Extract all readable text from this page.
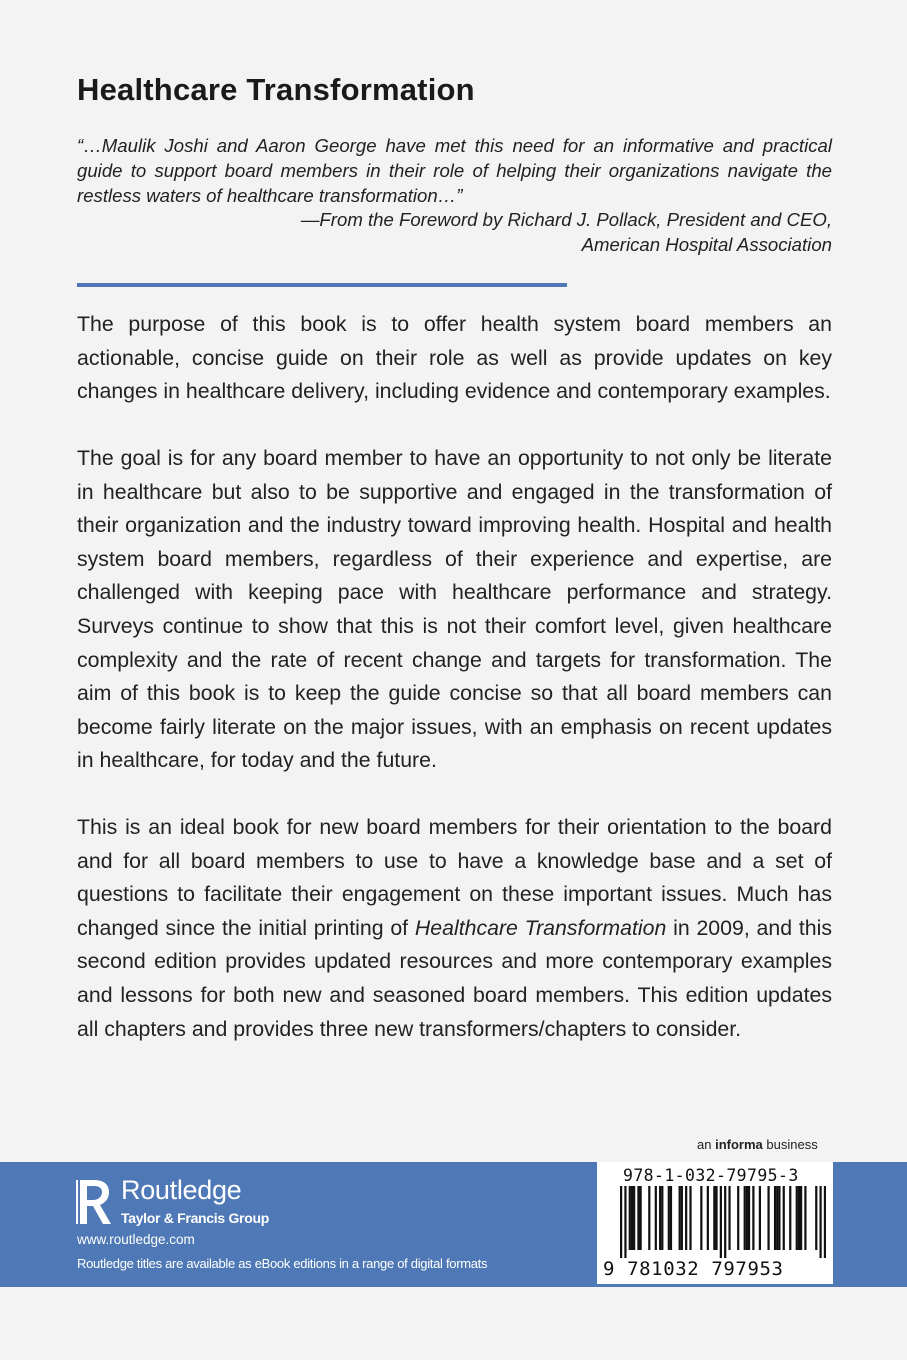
Healthcare Transformation
“…Maulik Joshi and Aaron George have met this need for an informative and practical guide to support board members in their role of helping their organizations navigate the restless waters of healthcare transformation…”
—From the Foreword by Richard J. Pollack, President and CEO,
American Hospital Association

The purpose of this book is to offer health system board members an actionable, concise guide on their role as well as provide updates on key changes in healthcare delivery, including evidence and contemporary examples.

The goal is for any board member to have an opportunity to not only be literate in healthcare but also to be supportive and engaged in the transformation of their organization and the industry toward improving health. Hospital and health system board members, regardless of their experience and expertise, are challenged with keeping pace with healthcare performance and strategy. Surveys continue to show that this is not their comfort level, given healthcare complexity and the rate of recent change and targets for transformation. The aim of this book is to keep the guide concise so that all board members can become fairly literate on the major issues, with an emphasis on recent updates in healthcare, for today and the future.

This is an ideal book for new board members for their orientation to the board and for all board members to use to have a knowledge base and a set of questions to facilitate their engagement on these important issues. Much has changed since the initial printing of Healthcare Transformation in 2009, and this second edition provides updated resources and more contemporary examples and lessons for both new and seasoned board members. This edition updates all chapters and provides three new transformers/chapters to consider.

an informa business
Routledge
Taylor & Francis Group
www.routledge.com
Routledge titles are available as eBook editions in a range of digital formats
978-1-032-79795-3
9 781032 797953
